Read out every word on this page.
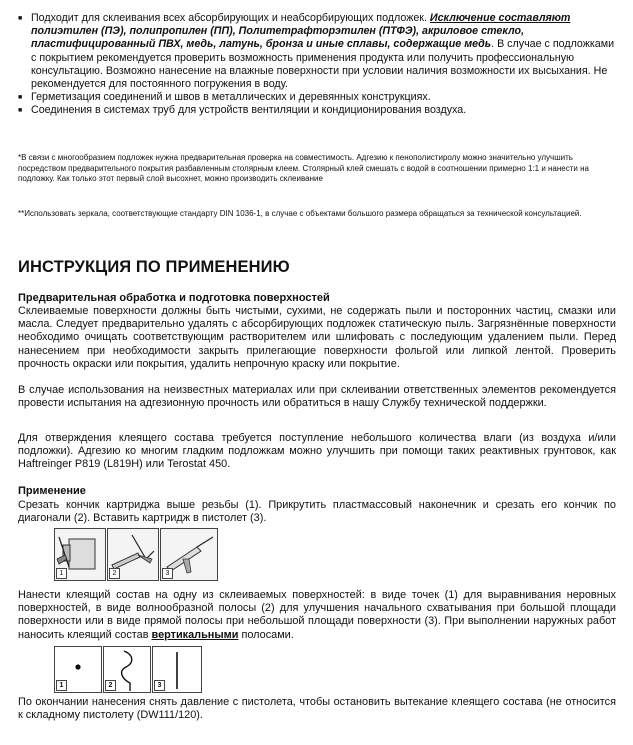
■ Подходит для склеивания всех абсорбирующих и неабсорбирующих подложек. Исключение составляют полиэтилен (ПЭ), полипропилен (ПП), Политетрафторэтилен (ПТФЭ), акриловое стекло, пластифицированный ПВХ, медь, латунь, бронза и иные сплавы, содержащие медь. В случае с подложками с покрытием рекомендуется проверить возможность применения продукта или получить профессиональную консультацию. Возможно нанесение на влажные поверхности при условии наличия возможности их высыхания. Не рекомендуется для постоянного погружения в воду.
■ Герметизация соединений и швов в металлических и деревянных конструкциях.
■ Соединения в системах труб для устройств вентиляции и кондиционирования воздуха.
*В связи с многообразием подложек нужна предварительная проверка на совместимость. Адгезию к пенополистиролу можно значительно улучшить посредством предварительного покрытия разбавленным столярным клеем. Столярный клей смешать с водой в соотношении примерно 1:1 и нанести на подложку. Как только этот первый слой высохнет, можно производить склеивание
**Использовать зеркала, соответствующие стандарту DIN 1036-1, в случае с объектами большого размера обращаться за технической консультацией.
ИНСТРУКЦИЯ ПО ПРИМЕНЕНИЮ
Предварительная обработка и подготовка поверхностей
Склеиваемые поверхности должны быть чистыми, сухими, не содержать пыли и посторонних частиц, смазки или масла. Следует предварительно удалять с абсорбирующих подложек статическую пыль. Загрязнённые поверхности необходимо очищать соответствующим растворителем или шлифовать с последующим удалением пыли. Перед нанесением при необходимости закрыть прилегающие поверхности фольгой или липкой лентой. Проверить прочность окраски или покрытия, удалить непрочную краску или покрытие.
В случае использования на неизвестных материалах или при склеивании ответственных элементов рекомендуется провести испытания на адгезионную прочность или обратиться в нашу Службу технической поддержки.
Для отверждения клеящего состава требуется поступление небольшого количества влаги (из воздуха и/или подложки). Адгезию ко многим гладким подложкам можно улучшить при помощи таких реактивных грунтовок, как Haftreinger P819 (L819H) или Terostat 450.
Применение
Срезать кончик картриджа выше резьбы (1). Прикрутить пластмассовый наконечник и срезать его кончик по диагонали (2). Вставить картридж в пистолет (3).
1	2	3
Нанести клеящий состав на одну из склеиваемых поверхностей: в виде точек (1) для выравнивания неровных поверхностей, в виде волнообразной полосы (2) для улучшения начального схватывания при большой площади поверхности или в виде прямой полосы при небольшой площади поверхности (3). При выполнении наружных работ наносить клеящий состав вертикальными полосами.
1	2	3
По окончании нанесения снять давление с пистолета, чтобы остановить вытекание клеящего состава (не относится к складному пистолету (DW111/120).
